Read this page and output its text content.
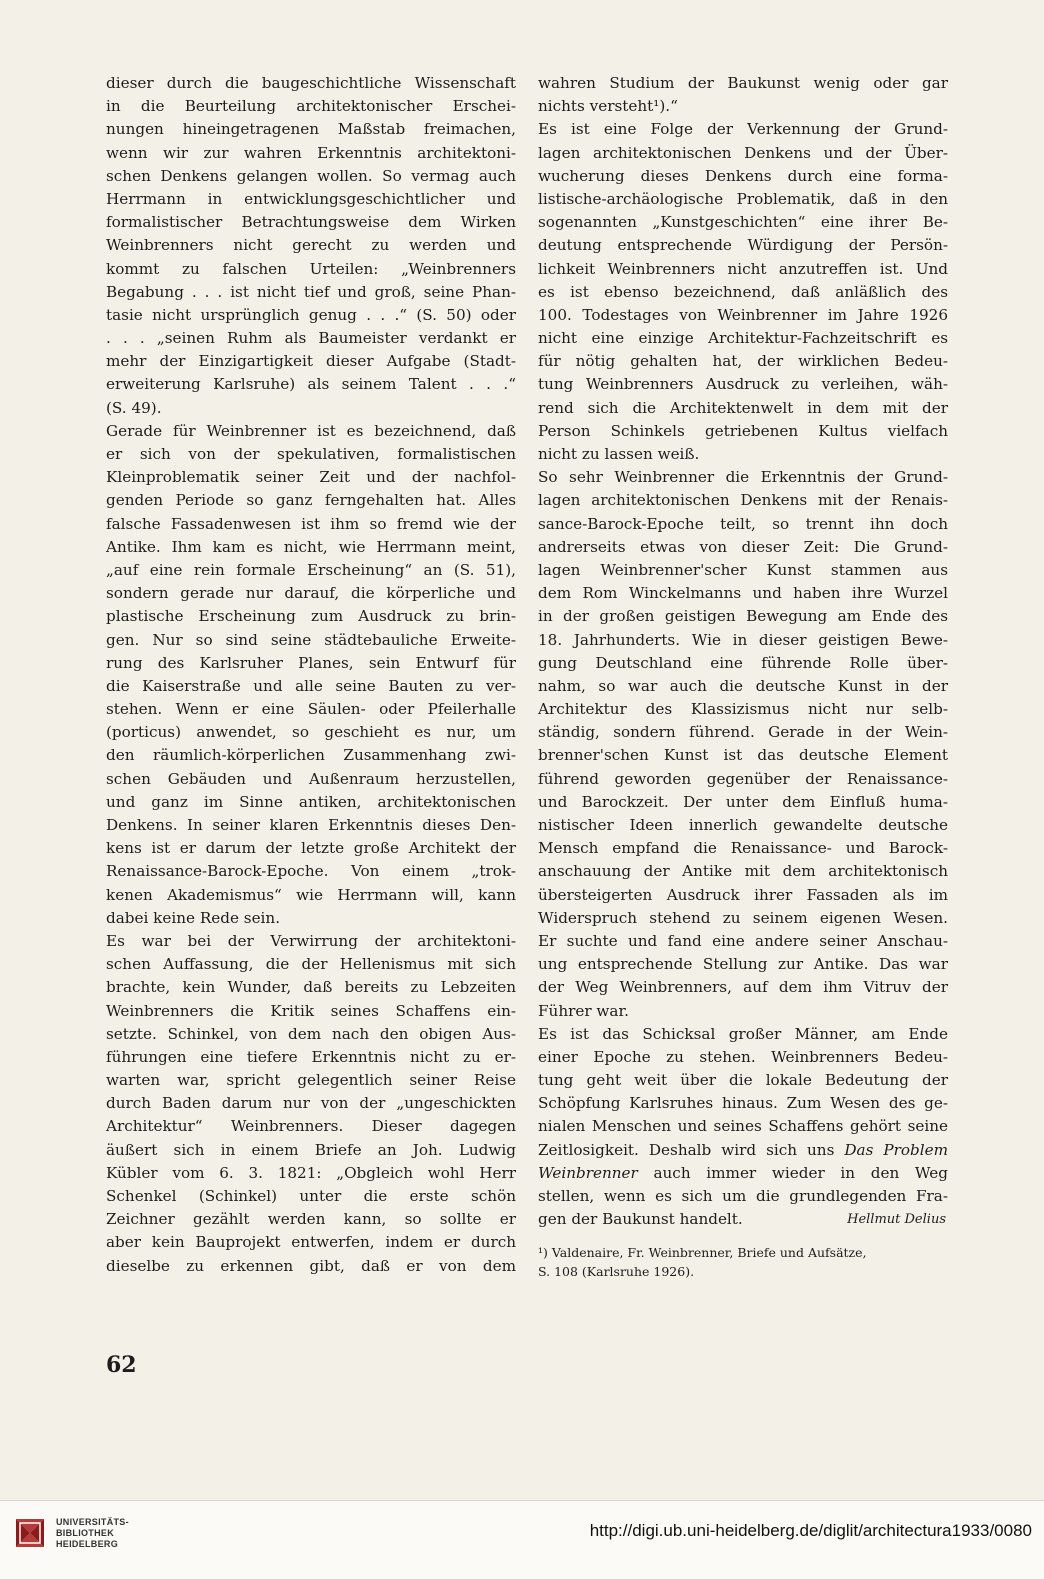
dieser durch die baugeschichtliche Wissenschaft
in die Beurteilung architektonischer Erschei-
nungen hineingetragenen Maßstab freimachen,
wenn wir zur wahren Erkenntnis architektoni-
schen Denkens gelangen wollen. So vermag auch
Herrmann in entwicklungsgeschichtlicher und
formalistischer Betrachtungsweise dem Wirken
Weinbrenners nicht gerecht zu werden und
kommt zu falschen Urteilen: „Weinbrenners
Begabung . . . ist nicht tief und groß, seine Phan-
tasie nicht ursprünglich genug . . .“ (S. 50) oder
. . . „seinen Ruhm als Baumeister verdankt er
mehr der Einzigartigkeit dieser Aufgabe (Stadt-
erweiterung Karlsruhe) als seinem Talent . . .“
(S. 49).
Gerade für Weinbrenner ist es bezeichnend, daß
er sich von der spekulativen, formalistischen
Kleinproblematik seiner Zeit und der nachfol-
genden Periode so ganz ferngehalten hat. Alles
falsche Fassadenwesen ist ihm so fremd wie der
Antike. Ihm kam es nicht, wie Herrmann meint,
„auf eine rein formale Erscheinung“ an (S. 51),
sondern gerade nur darauf, die körperliche und
plastische Erscheinung zum Ausdruck zu brin-
gen. Nur so sind seine städtebauliche Erweite-
rung des Karlsruher Planes, sein Entwurf für
die Kaiserstraße und alle seine Bauten zu ver-
stehen. Wenn er eine Säulen- oder Pfeilerhalle
(porticus) anwendet, so geschieht es nur, um
den räumlich-körperlichen Zusammenhang zwi-
schen Gebäuden und Außenraum herzustellen,
und ganz im Sinne antiken, architektonischen
Denkens. In seiner klaren Erkenntnis dieses Den-
kens ist er darum der letzte große Architekt der
Renaissance-Barock-Epoche. Von einem „trok-
kenen Akademismus“ wie Herrmann will, kann
dabei keine Rede sein.
Es war bei der Verwirrung der architektoni-
schen Auffassung, die der Hellenismus mit sich
brachte, kein Wunder, daß bereits zu Lebzeiten
Weinbrenners die Kritik seines Schaffens ein-
setzte. Schinkel, von dem nach den obigen Aus-
führungen eine tiefere Erkenntnis nicht zu er-
warten war, spricht gelegentlich seiner Reise
durch Baden darum nur von der „ungeschickten
Architektur“ Weinbrenners. Dieser dagegen
äußert sich in einem Briefe an Joh. Ludwig
Kübler vom 6. 3. 1821: „Obgleich wohl Herr
Schenkel (Schinkel) unter die erste schön
Zeichner gezählt werden kann, so sollte er
aber kein Bauprojekt entwerfen, indem er durch
dieselbe zu erkennen gibt, daß er von dem
wahren Studium der Baukunst wenig oder gar
nichts versteht¹).“
Es ist eine Folge der Verkennung der Grund-
lagen architektonischen Denkens und der Über-
wucherung dieses Denkens durch eine forma-
listische-archäologische Problematik, daß in den
sogenannten „Kunstgeschichten“ eine ihrer Be-
deutung entsprechende Würdigung der Persön-
lichkeit Weinbrenners nicht anzutreffen ist. Und
es ist ebenso bezeichnend, daß anläßlich des
100. Todestages von Weinbrenner im Jahre 1926
nicht eine einzige Architektur-Fachzeitschrift es
für nötig gehalten hat, der wirklichen Bedeu-
tung Weinbrenners Ausdruck zu verleihen, wäh-
rend sich die Architektenwelt in dem mit der
Person Schinkels getriebenen Kultus vielfach
nicht zu lassen weiß.
So sehr Weinbrenner die Erkenntnis der Grund-
lagen architektonischen Denkens mit der Renais-
sance-Barock-Epoche teilt, so trennt ihn doch
andrerseits etwas von dieser Zeit: Die Grund-
lagen Weinbrenner'scher Kunst stammen aus
dem Rom Winckelmanns und haben ihre Wurzel
in der großen geistigen Bewegung am Ende des
18. Jahrhunderts. Wie in dieser geistigen Bewe-
gung Deutschland eine führende Rolle über-
nahm, so war auch die deutsche Kunst in der
Architektur des Klassizismus nicht nur selb-
ständig, sondern führend. Gerade in der Wein-
brenner'schen Kunst ist das deutsche Element
führend geworden gegenüber der Renaissance-
und Barockzeit. Der unter dem Einfluß huma-
nistischer Ideen innerlich gewandelte deutsche
Mensch empfand die Renaissance- und Barock-
anschauung der Antike mit dem architektonisch
übersteigerten Ausdruck ihrer Fassaden als im
Widerspruch stehend zu seinem eigenen Wesen.
Er suchte und fand eine andere seiner Anschau-
ung entsprechende Stellung zur Antike. Das war
der Weg Weinbrenners, auf dem ihm Vitruv der
Führer war.
Es ist das Schicksal großer Männer, am Ende
einer Epoche zu stehen. Weinbrenners Bedeu-
tung geht weit über die lokale Bedeutung der
Schöpfung Karlsruhes hinaus. Zum Wesen des ge-
nialen Menschen und seines Schaffens gehört seine
Zeitlosigkeit. Deshalb wird sich uns Das Problem
Weinbrenner auch immer wieder in den Weg
stellen, wenn es sich um die grundlegenden Fra-
gen der Baukunst handelt.	Hellmut Delius
¹) Valdenaire, Fr. Weinbrenner, Briefe und Aufsätze,
S. 108 (Karlsruhe 1926).
62
UNIVERSITÄTS-
BIBLIOTHEK
HEIDELBERG
http://digi.ub.uni-heidelberg.de/diglit/architectura1933/0080
